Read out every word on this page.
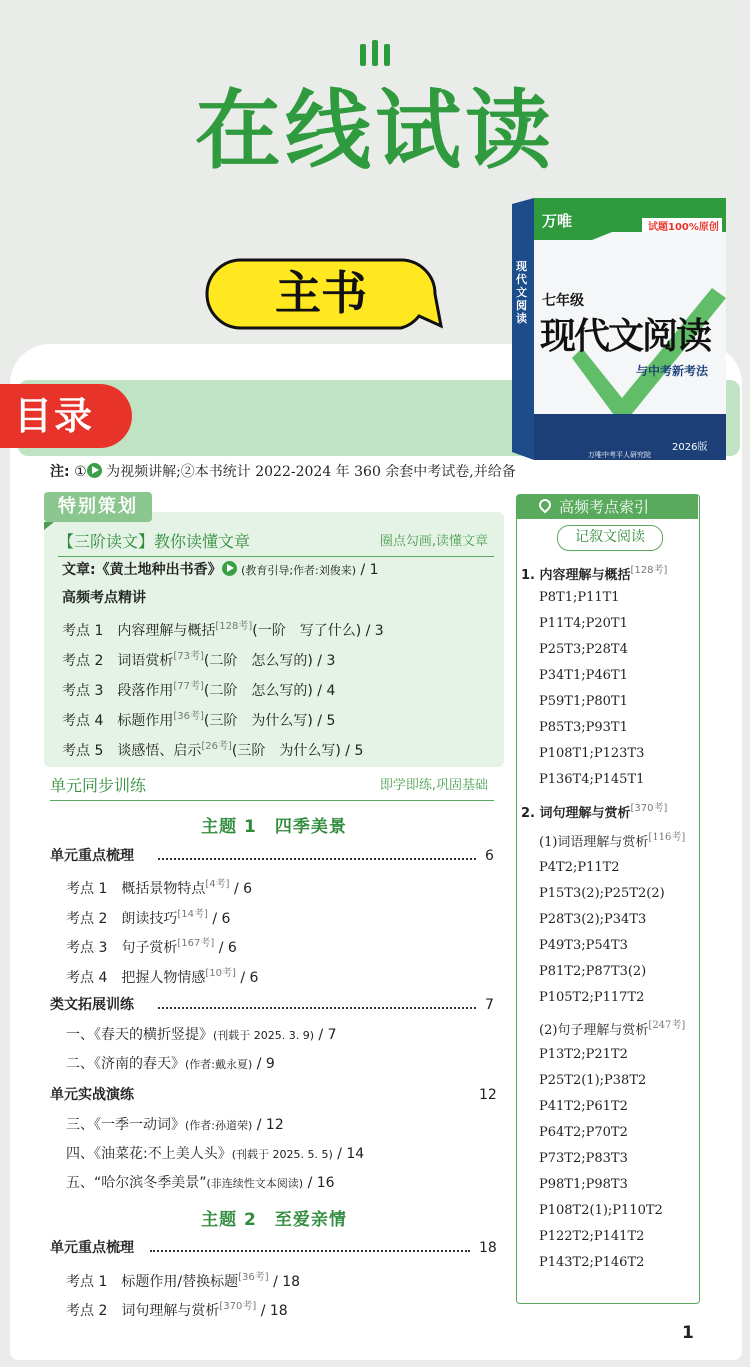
在线试读
主书
目录
万唯	试题100%原创
现代文阅读
七年级
现代文阅读
与中考新考法
2026版
万唯中考平人研究院
注: ① 为视频讲解;②本书统计 2022-2024 年 360 余套中考试卷,并给备
特别策划
【三阶读文】教你读懂文章	圈点勾画,读懂文章
文章:《黄土地种出书香》 (教育引导;作者:刘俊来) / 1
高频考点精讲
考点 1　 内容理解与概括[128考](一阶　写了什么) / 3
考点 2　 词语赏析[73考](二阶　怎么写的) / 3
考点 3　 段落作用[77考](二阶　怎么写的) / 4
考点 4　 标题作用[36考](三阶　为什么写) / 5
考点 5　 谈感悟、启示[26考](三阶　为什么写) / 5
单元同步训练	即学即练,巩固基础
主题 1　四季美景
单元重点梳理	6
考点 1　 概括景物特点[4考] / 6
考点 2　 朗读技巧[14考] / 6
考点 3　 句子赏析[167考] / 6
考点 4　 把握人物情感[10考] / 6
类文拓展训练	7
一、《春天的横折竖提》(刊载于 2025. 3. 9) / 7
二、《济南的春天》(作者:戴永夏) / 9
单元实战演练	12
三、《一季一动词》(作者:孙道荣) / 12
四、《油菜花:不上美人头》(刊载于 2025. 5. 5) / 14
五、“哈尔滨冬季美景”(非连续性文本阅读) / 16
主题 2　至爱亲情
单元重点梳理	18
考点 1　 标题作用/替换标题[36考] / 18
考点 2　 词句理解与赏析[370考] / 18
高频考点索引
记叙文阅读
1. 内容理解与概括[128考]
P8T1;P11T1
P11T4;P20T1
P25T3;P28T4
P34T1;P46T1
P59T1;P80T1
P85T3;P93T1
P108T1;P123T3
P136T4;P145T1
2. 词句理解与赏析[370考]
(1)词语理解与赏析[116考]
P4T2;P11T2
P15T3(2);P25T2(2)
P28T3(2);P34T3
P49T3;P54T3
P81T2;P87T3(2)
P105T2;P117T2
(2)句子理解与赏析[247考]
P13T2;P21T2
P25T2(1);P38T2
P41T2;P61T2
P64T2;P70T2
P73T2;P83T3
P98T1;P98T3
P108T2(1);P110T2
P122T2;P141T2
P143T2;P146T2
1
